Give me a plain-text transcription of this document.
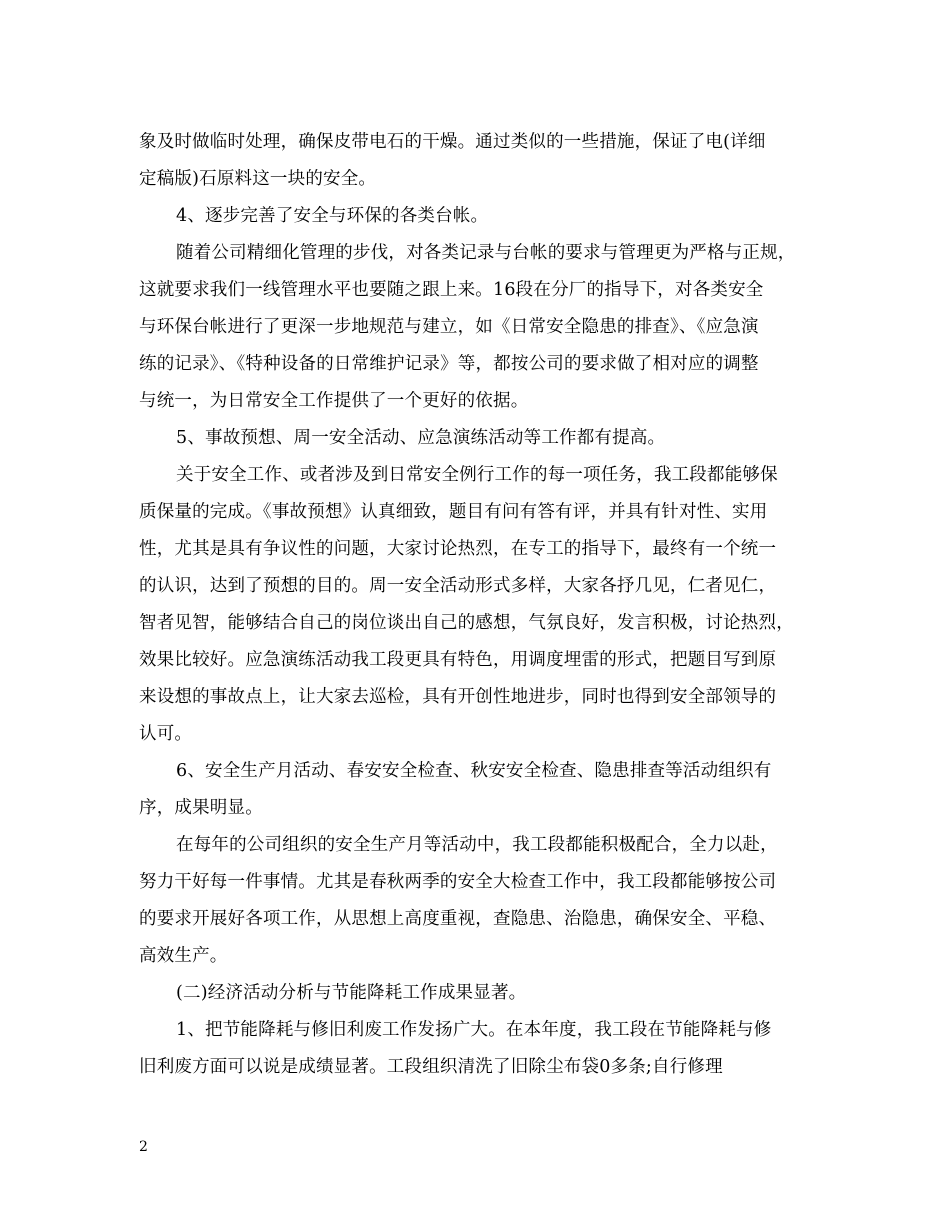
象及时做临时处理，确保皮带电石的干燥。通过类似的一些措施，保证了电(详细
定稿版)石原料这一块的安全。
4、逐步完善了安全与环保的各类台帐。
随着公司精细化管理的步伐，对各类记录与台帐的要求与管理更为严格与正规，
这就要求我们一线管理水平也要随之跟上来。16段在分厂的指导下，对各类安全
与环保台帐进行了更深一步地规范与建立，如《日常安全隐患的排查》、《应急演
练的记录》、《特种设备的日常维护记录》等，都按公司的要求做了相对应的调整
与统一，为日常安全工作提供了一个更好的依据。
5、事故预想、周一安全活动、应急演练活动等工作都有提高。
关于安全工作、或者涉及到日常安全例行工作的每一项任务，我工段都能够保
质保量的完成。《事故预想》认真细致，题目有问有答有评，并具有针对性、实用
性，尤其是具有争议性的问题，大家讨论热烈，在专工的指导下，最终有一个统一
的认识，达到了预想的目的。周一安全活动形式多样，大家各抒几见，仁者见仁，
智者见智，能够结合自己的岗位谈出自己的感想，气氛良好，发言积极，讨论热烈，
效果比较好。应急演练活动我工段更具有特色，用调度埋雷的形式，把题目写到原
来设想的事故点上，让大家去巡检，具有开创性地进步，同时也得到安全部领导的
认可。
6、安全生产月活动、春安安全检查、秋安安全检查、隐患排查等活动组织有
序，成果明显。
在每年的公司组织的安全生产月等活动中，我工段都能积极配合，全力以赴，
努力干好每一件事情。尤其是春秋两季的安全大检查工作中，我工段都能够按公司
的要求开展好各项工作，从思想上高度重视，查隐患、治隐患，确保安全、平稳、
高效生产。
(二)经济活动分析与节能降耗工作成果显著。
1、把节能降耗与修旧利废工作发扬广大。在本年度，我工段在节能降耗与修
旧利废方面可以说是成绩显著。工段组织清洗了旧除尘布袋0多条;自行修理
2
